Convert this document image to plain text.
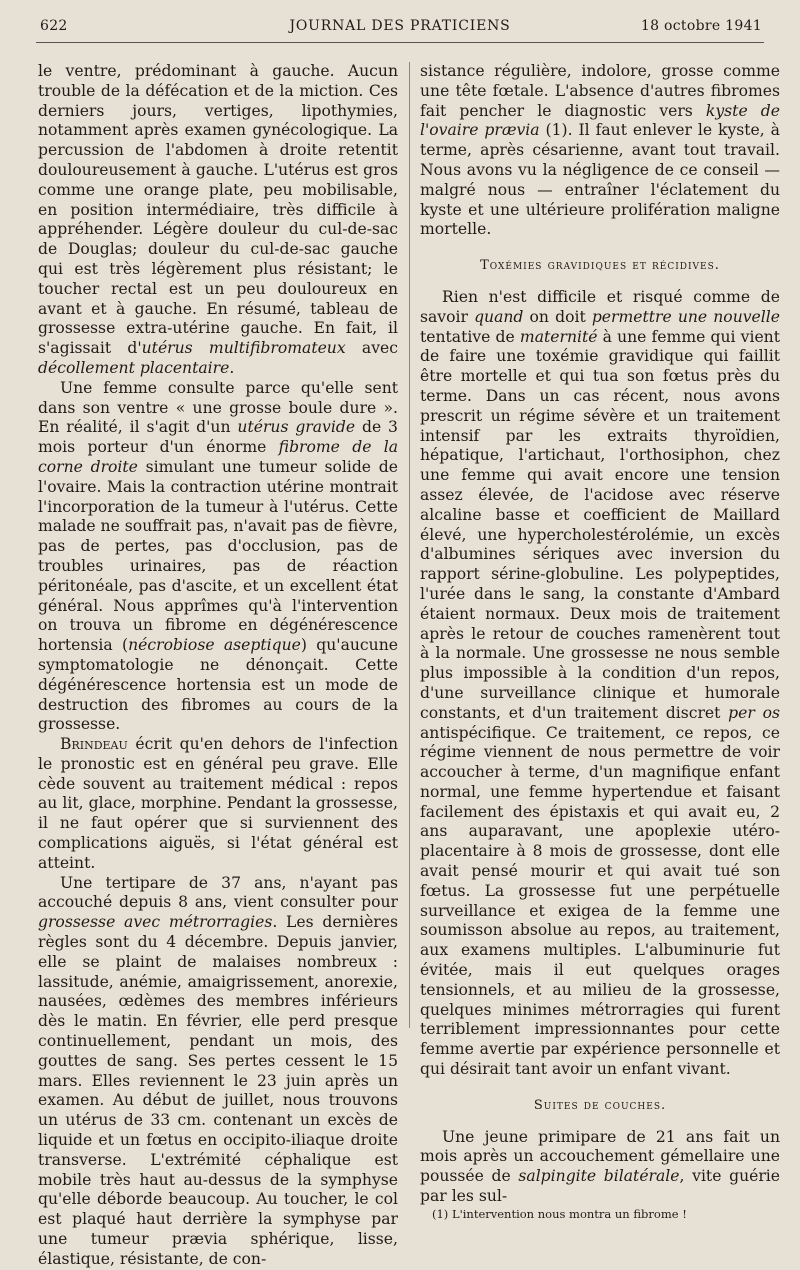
622	JOURNAL DES PRATICIENS	18 octobre 1941

le ventre, prédominant à gauche. Aucun trouble de la défécation et de la miction. Ces derniers jours, vertiges, lipothymies, notamment après examen gynécologique. La percussion de l'abdomen à droite retentit douloureusement à gauche. L'utérus est gros comme une orange plate, peu mobilisable, en position intermédiaire, très difficile à appréhender. Légère douleur du cul-de-sac de Douglas; douleur du cul-de-sac gauche qui est très légèrement plus résistant; le toucher rectal est un peu douloureux en avant et à gauche. En résumé, tableau de grossesse extra-utérine gauche. En fait, il s'agissait d'utérus multifibromateux avec décollement placentaire.

Une femme consulte parce qu'elle sent dans son ventre « une grosse boule dure ». En réalité, il s'agit d'un utérus gravide de 3 mois porteur d'un énorme fibrome de la corne droite simulant une tumeur solide de l'ovaire. Mais la contraction utérine montrait l'incorporation de la tumeur à l'utérus. Cette malade ne souffrait pas, n'avait pas de fièvre, pas de pertes, pas d'occlusion, pas de troubles urinaires, pas de réaction péritonéale, pas d'ascite, et un excellent état général. Nous apprîmes qu'à l'intervention on trouva un fibrome en dégénérescence hortensia (nécrobiose aseptique) qu'aucune symptomatologie ne dénonçait. Cette dégénérescence hortensia est un mode de destruction des fibromes au cours de la grossesse.

Brindeau écrit qu'en dehors de l'infection le pronostic est en général peu grave. Elle cède souvent au traitement médical : repos au lit, glace, morphine. Pendant la grossesse, il ne faut opérer que si surviennent des complications aiguës, si l'état général est atteint.

Une tertipare de 37 ans, n'ayant pas accouché depuis 8 ans, vient consulter pour grossesse avec métrorragies. Les dernières règles sont du 4 décembre. Depuis janvier, elle se plaint de malaises nombreux : lassitude, anémie, amaigrissement, anorexie, nausées, œdèmes des membres inférieurs dès le matin. En février, elle perd presque continuellement, pendant un mois, des gouttes de sang. Ses pertes cessent le 15 mars. Elles reviennent le 23 juin après un examen. Au début de juillet, nous trouvons un utérus de 33 cm. contenant un excès de liquide et un fœtus en occipito-iliaque droite transverse. L'extrémité céphalique est mobile très haut au-dessus de la symphyse qu'elle déborde beaucoup. Au toucher, le col est plaqué haut derrière la symphyse par une tumeur prævia sphérique, lisse, élastique, résistante, de con-

sistance régulière, indolore, grosse comme une tête fœtale. L'absence d'autres fibromes fait pencher le diagnostic vers kyste de l'ovaire prævia (1). Il faut enlever le kyste, à terme, après césarienne, avant tout travail. Nous avons vu la négligence de ce conseil — malgré nous — entraîner l'éclatement du kyste et une ultérieure prolifération maligne mortelle.

Toxémies gravidiques et récidives.

Rien n'est difficile et risqué comme de savoir quand on doit permettre une nouvelle tentative de maternité à une femme qui vient de faire une toxémie gravidique qui faillit être mortelle et qui tua son fœtus près du terme. Dans un cas récent, nous avons prescrit un régime sévère et un traitement intensif par les extraits thyroïdien, hépatique, l'artichaut, l'orthosiphon, chez une femme qui avait encore une tension assez élevée, de l'acidose avec réserve alcaline basse et coefficient de Maillard élevé, une hypercholestérolémie, un excès d'albumines sériques avec inversion du rapport sérine-globuline. Les polypeptides, l'urée dans le sang, la constante d'Ambard étaient normaux. Deux mois de traitement après le retour de couches ramenèrent tout à la normale. Une grossesse ne nous semble plus impossible à la condition d'un repos, d'une surveillance clinique et humorale constants, et d'un traitement discret per os antispécifique. Ce traitement, ce repos, ce régime viennent de nous permettre de voir accoucher à terme, d'un magnifique enfant normal, une femme hypertendue et faisant facilement des épistaxis et qui avait eu, 2 ans auparavant, une apoplexie utéro-placentaire à 8 mois de grossesse, dont elle avait pensé mourir et qui avait tué son fœtus. La grossesse fut une perpétuelle surveillance et exigea de la femme une soumisson absolue au repos, au traitement, aux examens multiples. L'albuminurie fut évitée, mais il eut quelques orages tensionnels, et au milieu de la grossesse, quelques minimes métrorragies qui furent terriblement impressionnantes pour cette femme avertie par expérience personnelle et qui désirait tant avoir un enfant vivant.

Suites de couches.

Une jeune primipare de 21 ans fait un mois après un accouchement gémellaire une poussée de salpingite bilatérale, vite guérie par les sul-

(1) L'intervention nous montra un fibrome !
